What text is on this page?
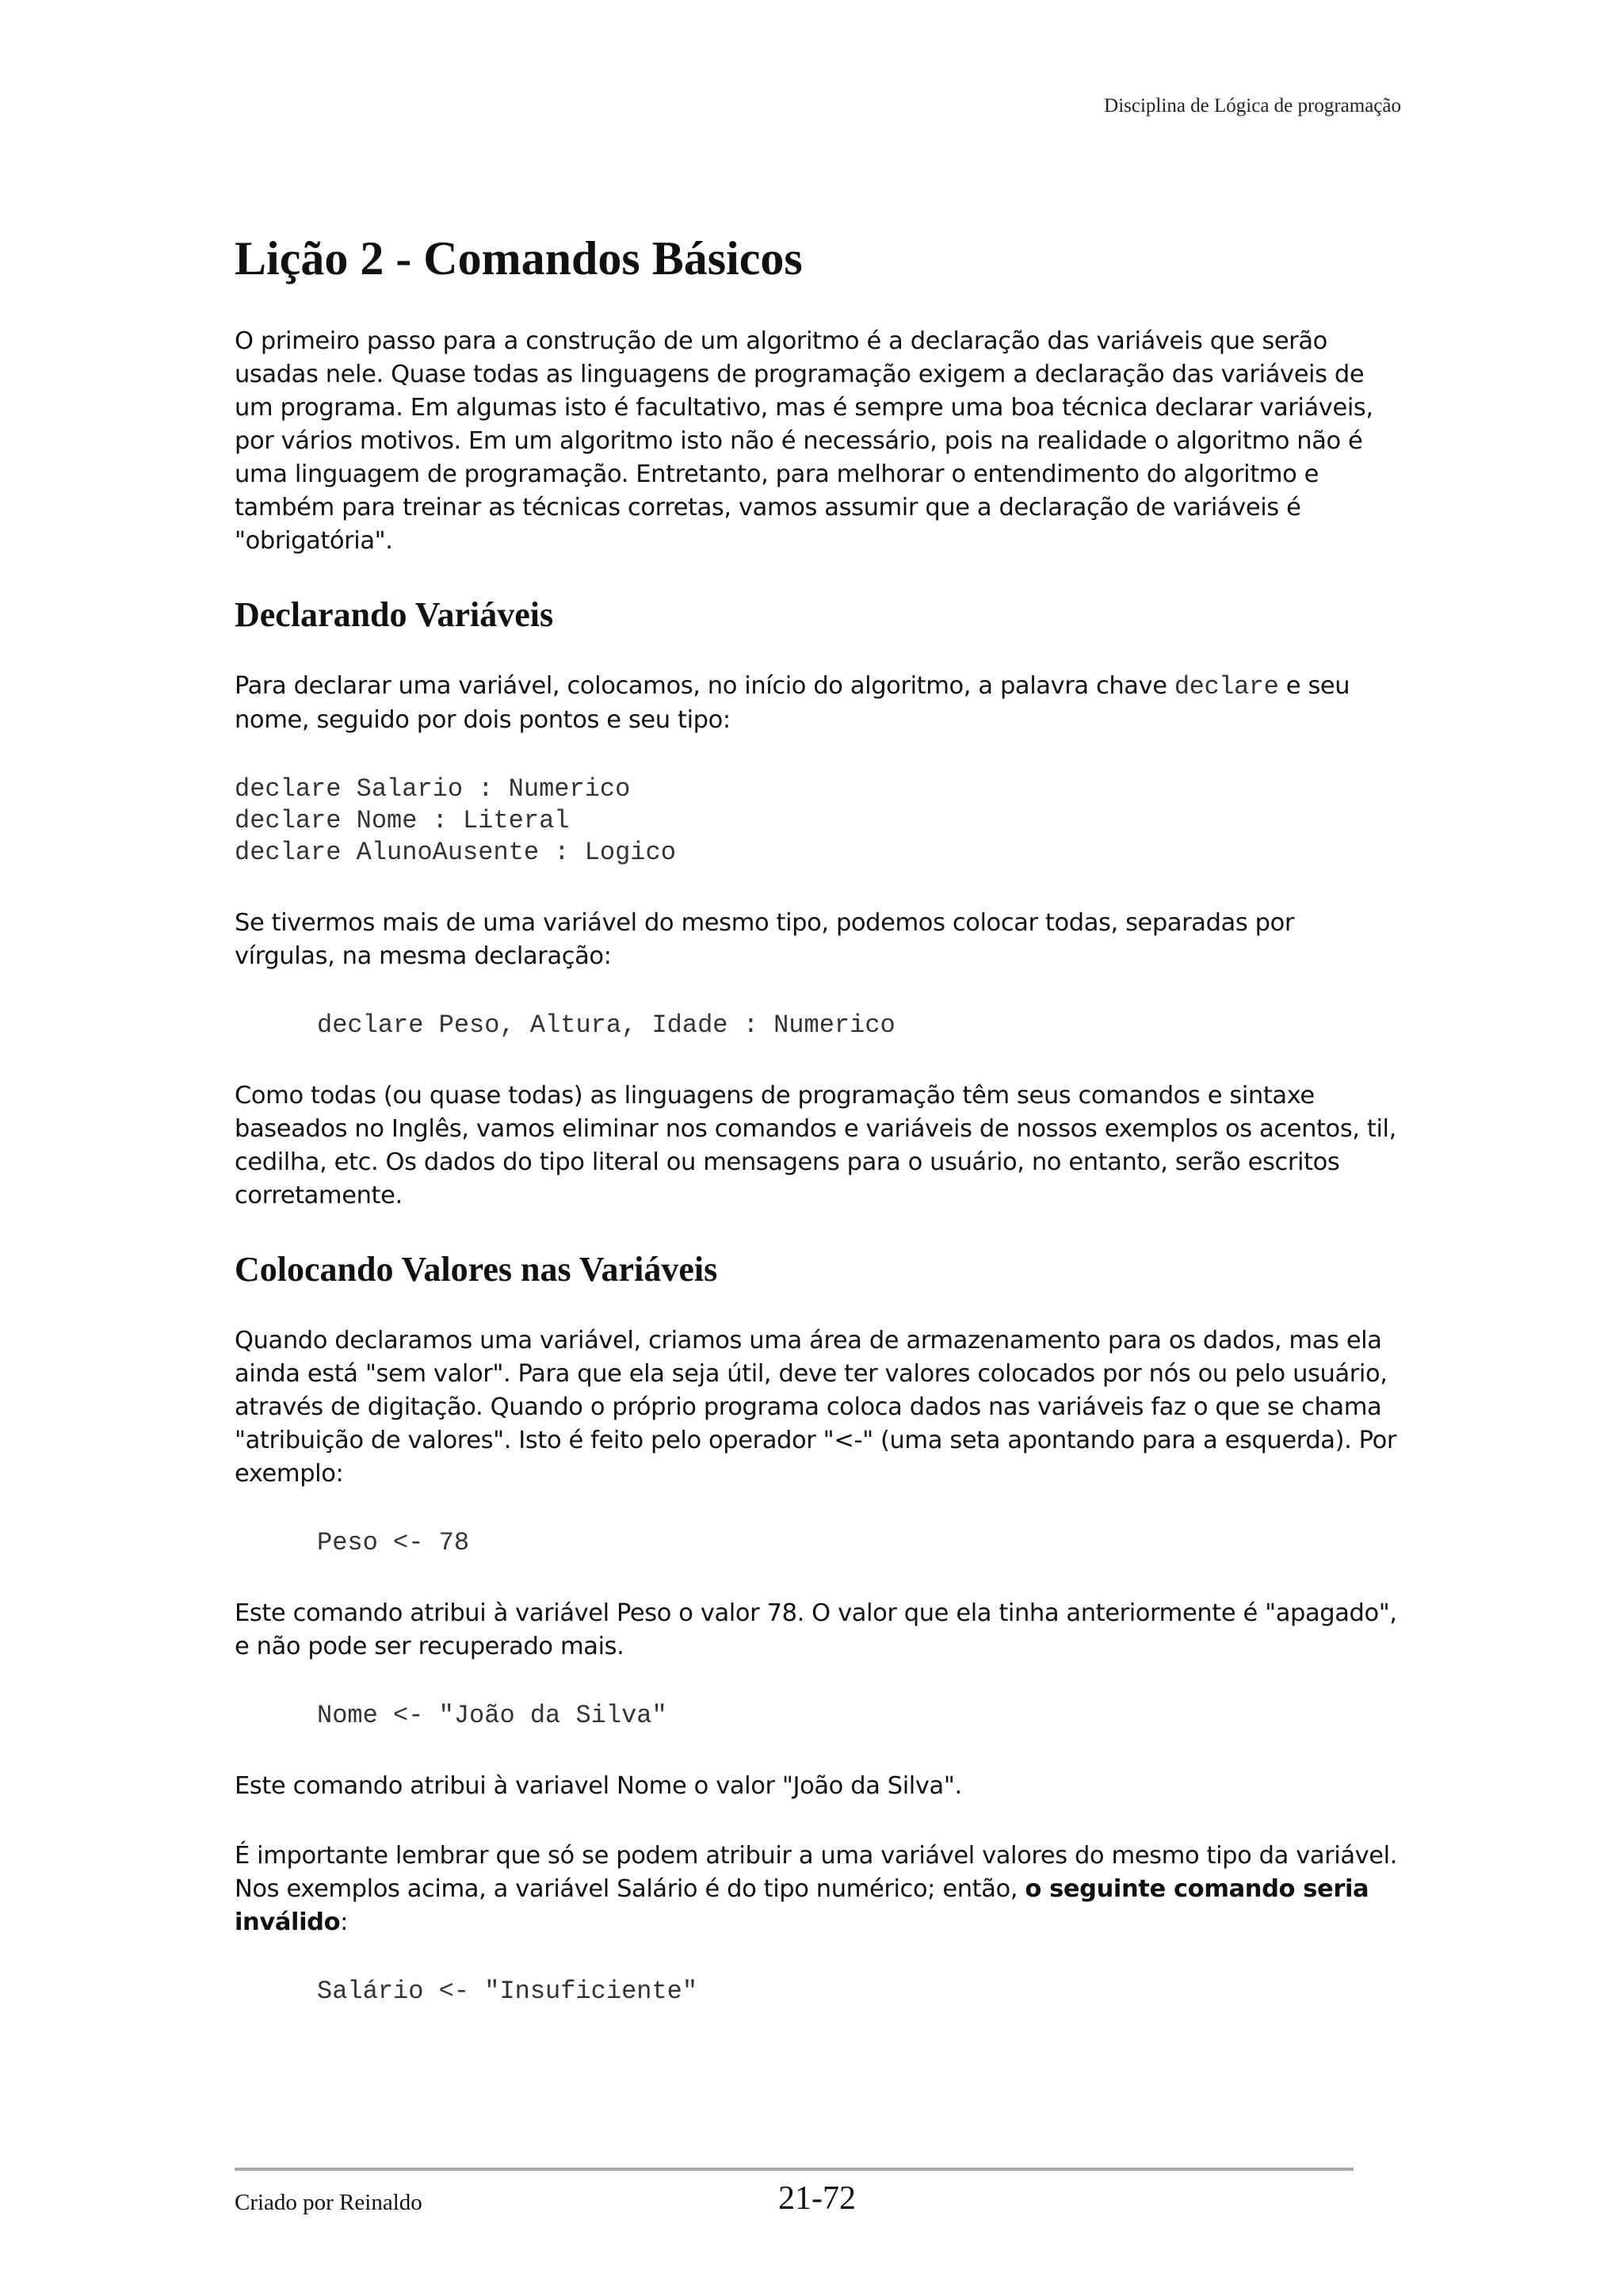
Disciplina de Lógica de programação
Lição 2 - Comandos Básicos

O primeiro passo para a construção de um algoritmo é a declaração das variáveis que serão usadas nele. Quase todas as linguagens de programação exigem a declaração das variáveis de um programa. Em algumas isto é facultativo, mas é sempre uma boa técnica declarar variáveis, por vários motivos. Em um algoritmo isto não é necessário, pois na realidade o algoritmo não é uma linguagem de programação. Entretanto, para melhorar o entendimento do algoritmo e também para treinar as técnicas corretas, vamos assumir que a declaração de variáveis é "obrigatória".

Declarando Variáveis

Para declarar uma variável, colocamos, no início do algoritmo, a palavra chave declare e seu nome, seguido por dois pontos e seu tipo:

declare Salario : Numerico
declare Nome : Literal
declare AlunoAusente : Logico

Se tivermos mais de uma variável do mesmo tipo, podemos colocar todas, separadas por vírgulas, na mesma declaração:

declare Peso, Altura, Idade : Numerico

Como todas (ou quase todas) as linguagens de programação têm seus comandos e sintaxe baseados no Inglês, vamos eliminar nos comandos e variáveis de nossos exemplos os acentos, til, cedilha, etc. Os dados do tipo literal ou mensagens para o usuário, no entanto, serão escritos corretamente.

Colocando Valores nas Variáveis

Quando declaramos uma variável, criamos uma área de armazenamento para os dados, mas ela ainda está "sem valor". Para que ela seja útil, deve ter valores colocados por nós ou pelo usuário, através de digitação. Quando o próprio programa coloca dados nas variáveis faz o que se chama "atribuição de valores". Isto é feito pelo operador "<-" (uma seta apontando para a esquerda). Por exemplo:

Peso <- 78

Este comando atribui à variável Peso o valor 78. O valor que ela tinha anteriormente é "apagado", e não pode ser recuperado mais.

Nome <- "João da Silva"

Este comando atribui à variavel Nome o valor "João da Silva".

É importante lembrar que só se podem atribuir a uma variável valores do mesmo tipo da variável. Nos exemplos acima, a variável Salário é do tipo numérico; então, o seguinte comando seria inválido:

Salário <- "Insuficiente"
Criado por Reinaldo	21-72
